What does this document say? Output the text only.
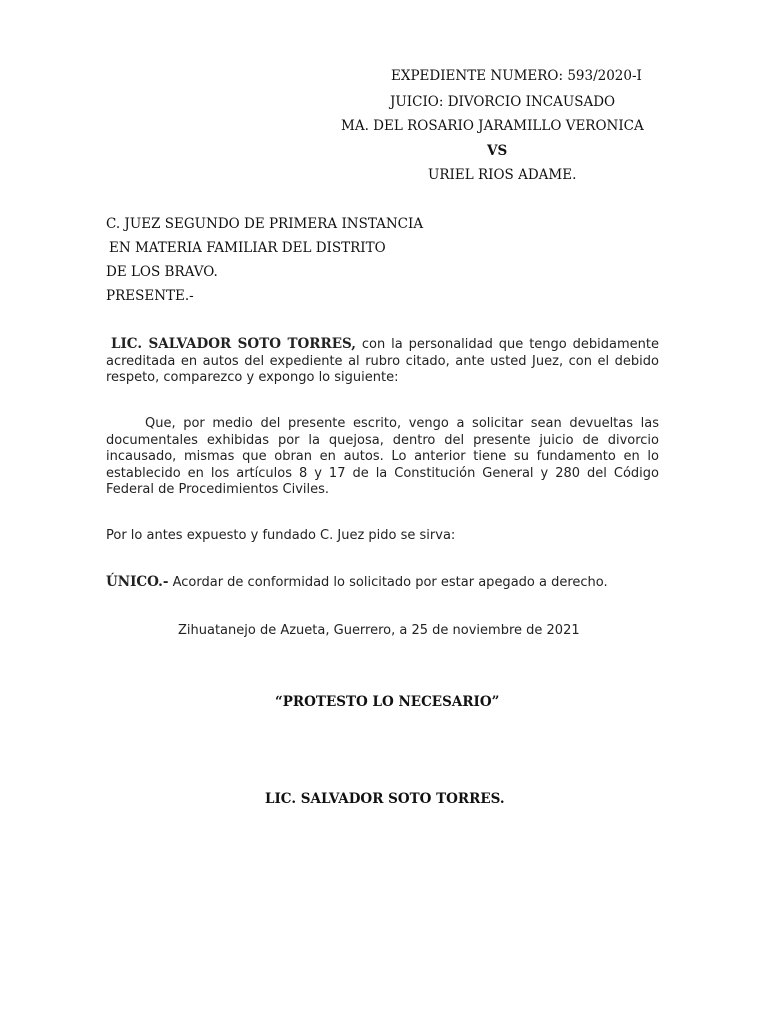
EXPEDIENTE NUMERO: 593/2020-I
JUICIO: DIVORCIO INCAUSADO
MA. DEL ROSARIO JARAMILLO VERONICA
VS
URIEL RIOS ADAME.
C. JUEZ SEGUNDO DE PRIMERA INSTANCIA
EN MATERIA FAMILIAR DEL DISTRITO
DE LOS BRAVO.
PRESENTE.-
LIC. SALVADOR SOTO TORRES, con la personalidad que tengo debidamente
acreditada en autos del expediente al rubro citado, ante usted Juez, con el debido
respeto, comparezco y expongo lo siguiente:
Que, por medio del presente escrito, vengo a solicitar sean devueltas las
documentales exhibidas por la quejosa, dentro del presente juicio de divorcio
incausado, mismas que obran en autos. Lo anterior tiene su fundamento en lo
establecido en los artículos 8 y 17 de la Constitución General y 280 del Código
Federal de Procedimientos Civiles.
Por lo antes expuesto y fundado C. Juez pido se sirva:
ÚNICO.- Acordar de conformidad lo solicitado por estar apegado a derecho.
Zihuatanejo de Azueta, Guerrero, a 25 de noviembre de 2021
“PROTESTO LO NECESARIO”
LIC. SALVADOR SOTO TORRES.
